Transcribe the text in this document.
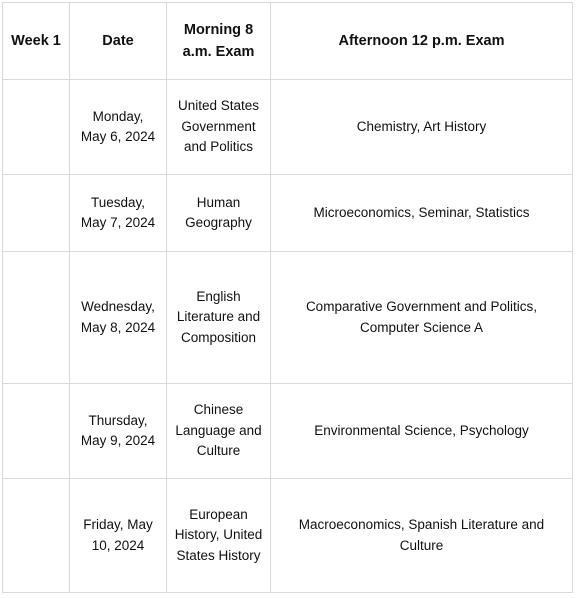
Week 1	Date	Morning 8 a.m. Exam	Afternoon 12 p.m. Exam
	Monday, May 6, 2024	United States Government and Politics	Chemistry, Art History
	Tuesday, May 7, 2024	Human Geography	Microeconomics, Seminar, Statistics
	Wednesday, May 8, 2024	English Literature and Composition	Comparative Government and Politics, Computer Science A
	Thursday, May 9, 2024	Chinese Language and Culture	Environmental Science, Psychology
	Friday, May 10, 2024	European History, United States History	Macroeconomics, Spanish Literature and Culture
